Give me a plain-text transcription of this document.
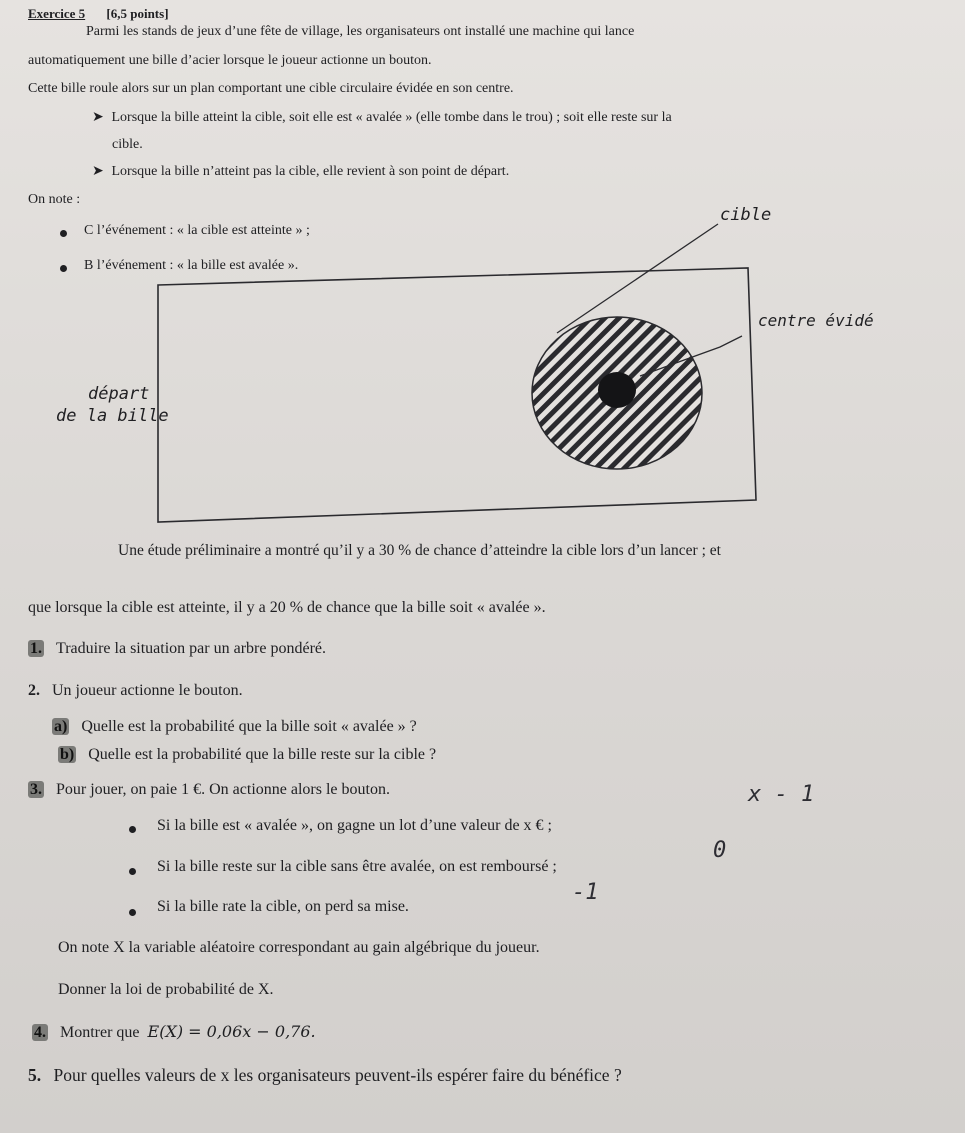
Exercice 5 [6,5 points]
Parmi les stands de jeux d’une fête de village, les organisateurs ont installé une machine qui lance
automatiquement une bille d’acier lorsque le joueur actionne un bouton.
Cette bille roule alors sur un plan comportant une cible circulaire évidée en son centre.
➤ Lorsque la bille atteint la cible, soit elle est « avalée » (elle tombe dans le trou) ; soit elle reste sur la
cible.
➤ Lorsque la bille n’atteint pas la cible, elle revient à son point de départ.
On note :
C l’événement : « la cible est atteinte » ;
B l’événement : « la bille est avalée ».
cible
centre évidé
départ
de la bille
Une étude préliminaire a montré qu’il y a 30 % de chance d’atteindre la cible lors d’un lancer ; et
que lorsque la cible est atteinte, il y a 20 % de chance que la bille soit « avalée ».
1. Traduire la situation par un arbre pondéré.
2. Un joueur actionne le bouton.
a) Quelle est la probabilité que la bille soit « avalée » ?
b) Quelle est la probabilité que la bille reste sur la cible ?
3. Pour jouer, on paie 1 €. On actionne alors le bouton.
Si la bille est « avalée », on gagne un lot d’une valeur de x € ;
x - 1
Si la bille reste sur la cible sans être avalée, on est remboursé ;
0
Si la bille rate la cible, on perd sa mise.
-1
On note X la variable aléatoire correspondant au gain algébrique du joueur.
Donner la loi de probabilité de X.
4. Montrer que E(X) = 0,06x − 0,76.
5. Pour quelles valeurs de x les organisateurs peuvent-ils espérer faire du bénéfice ?
